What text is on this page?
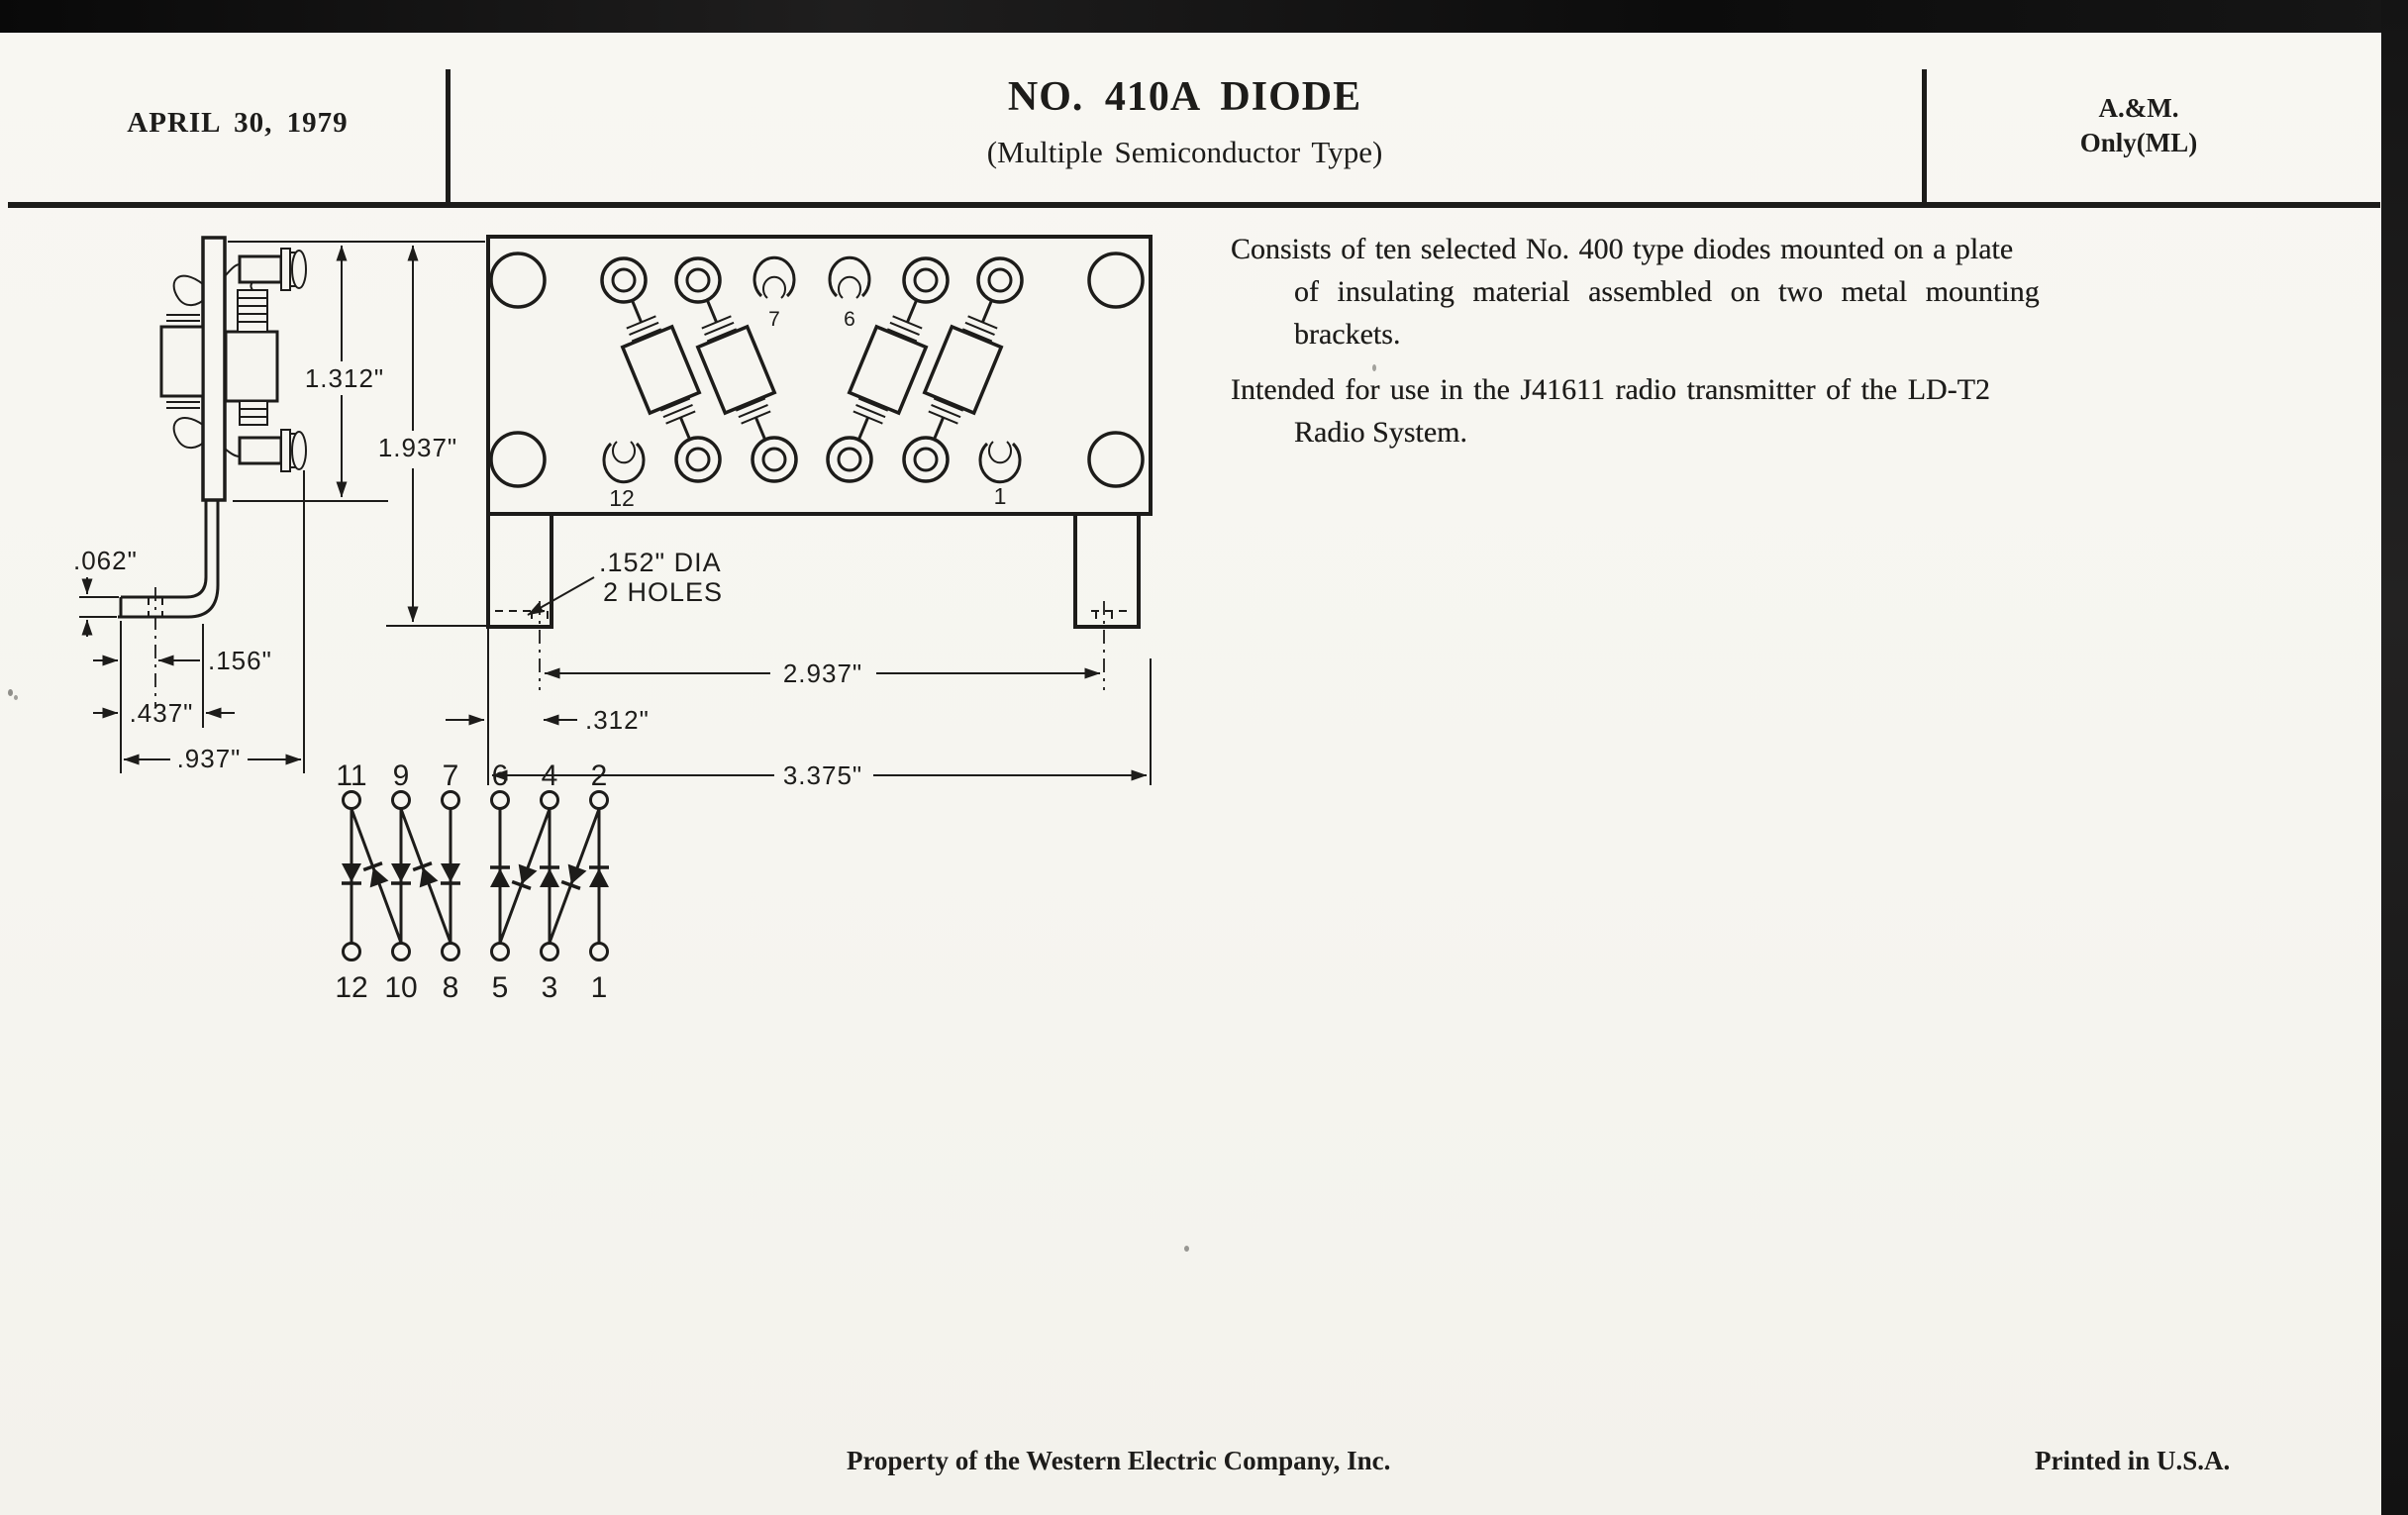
APRIL 30, 1979
NO. 410A DIODE
(Multiple Semiconductor Type)
A.&M.
Only(ML)
Consists of ten selected No. 400 type diodes mounted on a plate
of insulating material assembled on two metal mounting
brackets.
Intended for use in the J41611 radio transmitter of the LD-T2
Radio System.
1.312"
.062"
.156"
.437"
.937"
7	6
12	1
1.937"
.152" DIA
2 HOLES
2.937"
.312"
3.375"
11 9 7 6 4 2
12 10 8 5 3 1
Property of the Western Electric Company, Inc.	Printed in U.S.A.
